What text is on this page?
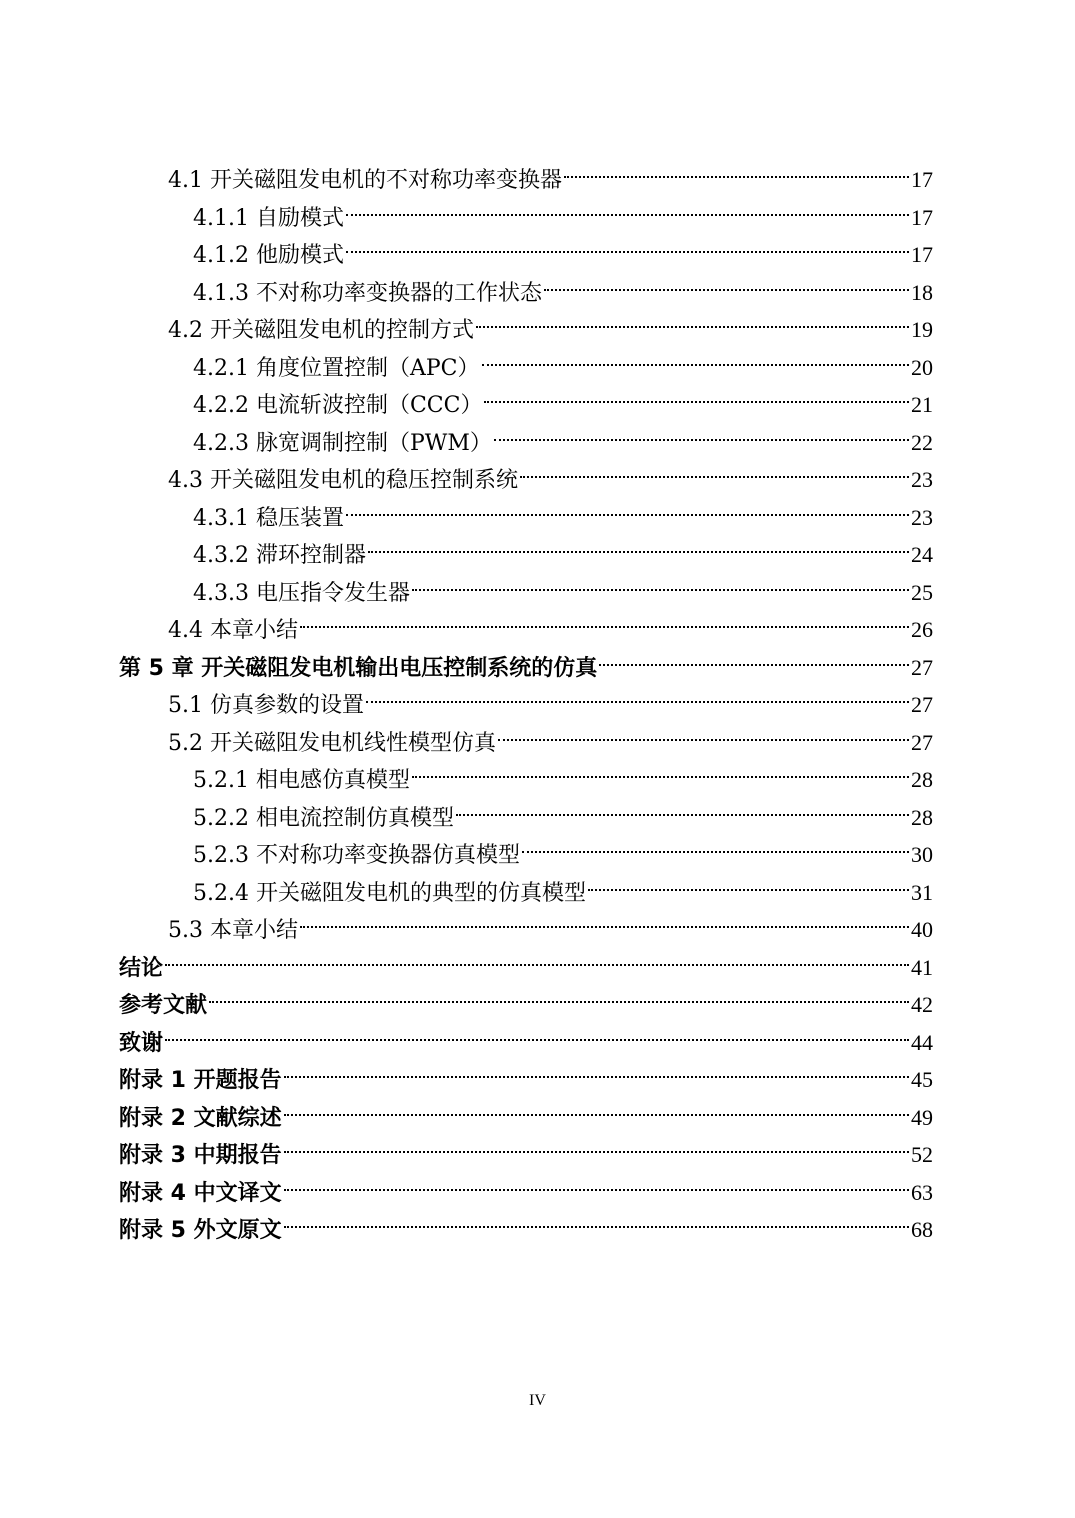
4.1 开关磁阻发电机的不对称功率变换器	17
4.1.1 自励模式	17
4.1.2 他励模式	17
4.1.3 不对称功率变换器的工作状态	18
4.2 开关磁阻发电机的控制方式	19
4.2.1 角度位置控制（APC）	20
4.2.2 电流斩波控制（CCC）	21
4.2.3 脉宽调制控制（PWM）	22
4.3 开关磁阻发电机的稳压控制系统	23
4.3.1 稳压装置	23
4.3.2 滞环控制器	24
4.3.3 电压指令发生器	25
4.4 本章小结	26
第 5 章 开关磁阻发电机输出电压控制系统的仿真	27
5.1 仿真参数的设置	27
5.2 开关磁阻发电机线性模型仿真	27
5.2.1 相电感仿真模型	28
5.2.2 相电流控制仿真模型	28
5.2.3 不对称功率变换器仿真模型	30
5.2.4 开关磁阻发电机的典型的仿真模型	31
5.3 本章小结	40
结论	41
参考文献	42
致谢	44
附录 1 开题报告	45
附录 2 文献综述	49
附录 3 中期报告	52
附录 4 中文译文	63
附录 5 外文原文	68
IV
